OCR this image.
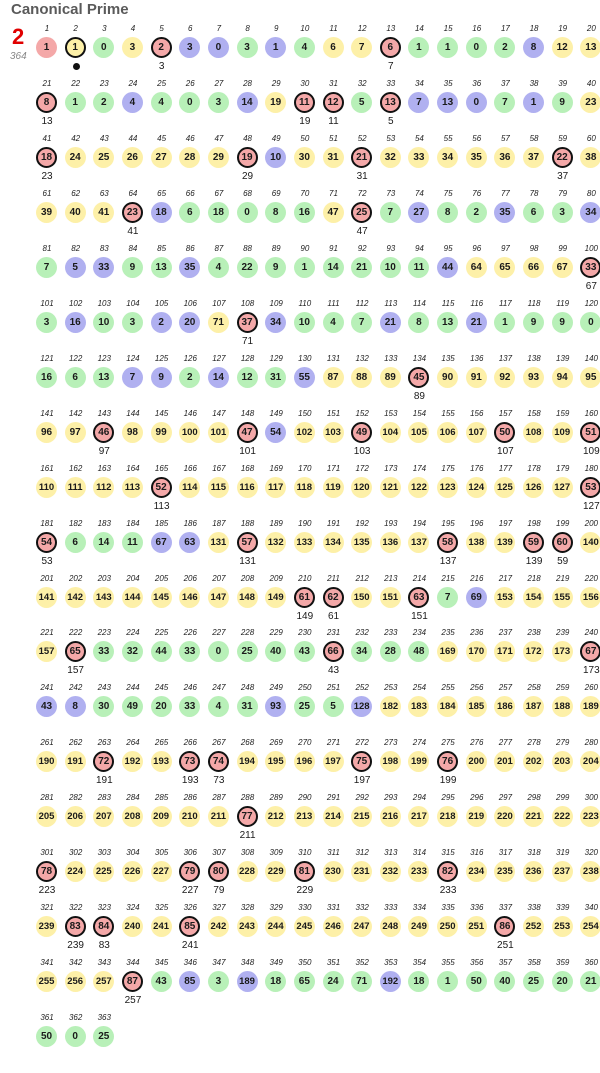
Canonical Prime
2
364
1
1
2
1
3
0
4
3
5
2
3
6
3
7
0
8
3
9
1
10
4
11
6
12
7
13
6
7
14
1
15
1
16
0
17
2
18
8
19
12
20
13
21
8
13
22
1
23
2
24
4
25
4
26
0
27
3
28
14
29
19
30
11
19
31
12
11
32
5
33
13
5
34
7
35
13
36
0
37
7
38
1
39
9
40
23
41
18
23
42
24
43
25
44
26
45
27
46
28
47
29
48
19
29
49
10
50
30
51
31
52
21
31
53
32
54
33
55
34
56
35
57
36
58
37
59
22
37
60
38
61
39
62
40
63
41
64
23
41
65
18
66
6
67
18
68
0
69
8
70
16
71
47
72
25
47
73
7
74
27
75
8
76
2
77
35
78
6
79
3
80
34
81
7
82
5
83
33
84
9
85
13
86
35
87
4
88
22
89
9
90
1
91
14
92
21
93
10
94
11
95
44
96
64
97
65
98
66
99
67
100
33
67
101
3
102
16
103
10
104
3
105
2
106
20
107
71
108
37
71
109
34
110
10
111
4
112
7
113
21
114
8
115
13
116
21
117
1
118
9
119
9
120
0
121
16
122
6
123
13
124
7
125
9
126
2
127
14
128
12
129
31
130
55
131
87
132
88
133
89
134
45
89
135
90
136
91
137
92
138
93
139
94
140
95
141
96
142
97
143
46
97
144
98
145
99
146
100
147
101
148
47
101
149
54
150
102
151
103
152
49
103
153
104
154
105
155
106
156
107
157
50
107
158
108
159
109
160
51
109
161
110
162
111
163
112
164
113
165
52
113
166
114
167
115
168
116
169
117
170
118
171
119
172
120
173
121
174
122
175
123
176
124
177
125
178
126
179
127
180
53
127
181
54
53
182
6
183
14
184
11
185
67
186
63
187
131
188
57
131
189
132
190
133
191
134
192
135
193
136
194
137
195
58
137
196
138
197
139
198
59
139
199
60
59
200
140
201
141
202
142
203
143
204
144
205
145
206
146
207
147
208
148
209
149
210
61
149
211
62
61
212
150
213
151
214
63
151
215
7
216
69
217
153
218
154
219
155
220
156
221
157
222
65
157
223
33
224
32
225
44
226
33
227
0
228
25
229
40
230
43
231
66
43
232
34
233
28
234
48
235
169
236
170
237
171
238
172
239
173
240
67
173
241
43
242
8
243
30
244
49
245
20
246
33
247
4
248
31
249
93
250
25
251
5
252
128
253
182
254
183
255
184
256
185
257
186
258
187
259
188
260
189
261
190
262
191
263
72
191
264
192
265
193
266
73
193
267
74
73
268
194
269
195
270
196
271
197
272
75
197
273
198
274
199
275
76
199
276
200
277
201
278
202
279
203
280
204
281
205
282
206
283
207
284
208
285
209
286
210
287
211
288
77
211
289
212
290
213
291
214
292
215
293
216
294
217
295
218
296
219
297
220
298
221
299
222
300
223
301
78
223
302
224
303
225
304
226
305
227
306
79
227
307
80
79
308
228
309
229
310
81
229
311
230
312
231
313
232
314
233
315
82
233
316
234
317
235
318
236
319
237
320
238
321
239
322
83
239
323
84
83
324
240
325
241
326
85
241
327
242
328
243
329
244
330
245
331
246
332
247
333
248
334
249
335
250
336
251
337
86
251
338
252
339
253
340
254
341
255
342
256
343
257
344
87
257
345
43
346
85
347
3
348
189
349
18
350
65
351
24
352
71
353
192
354
18
355
1
356
50
357
40
358
25
359
20
360
21
361
50
362
0
363
25
